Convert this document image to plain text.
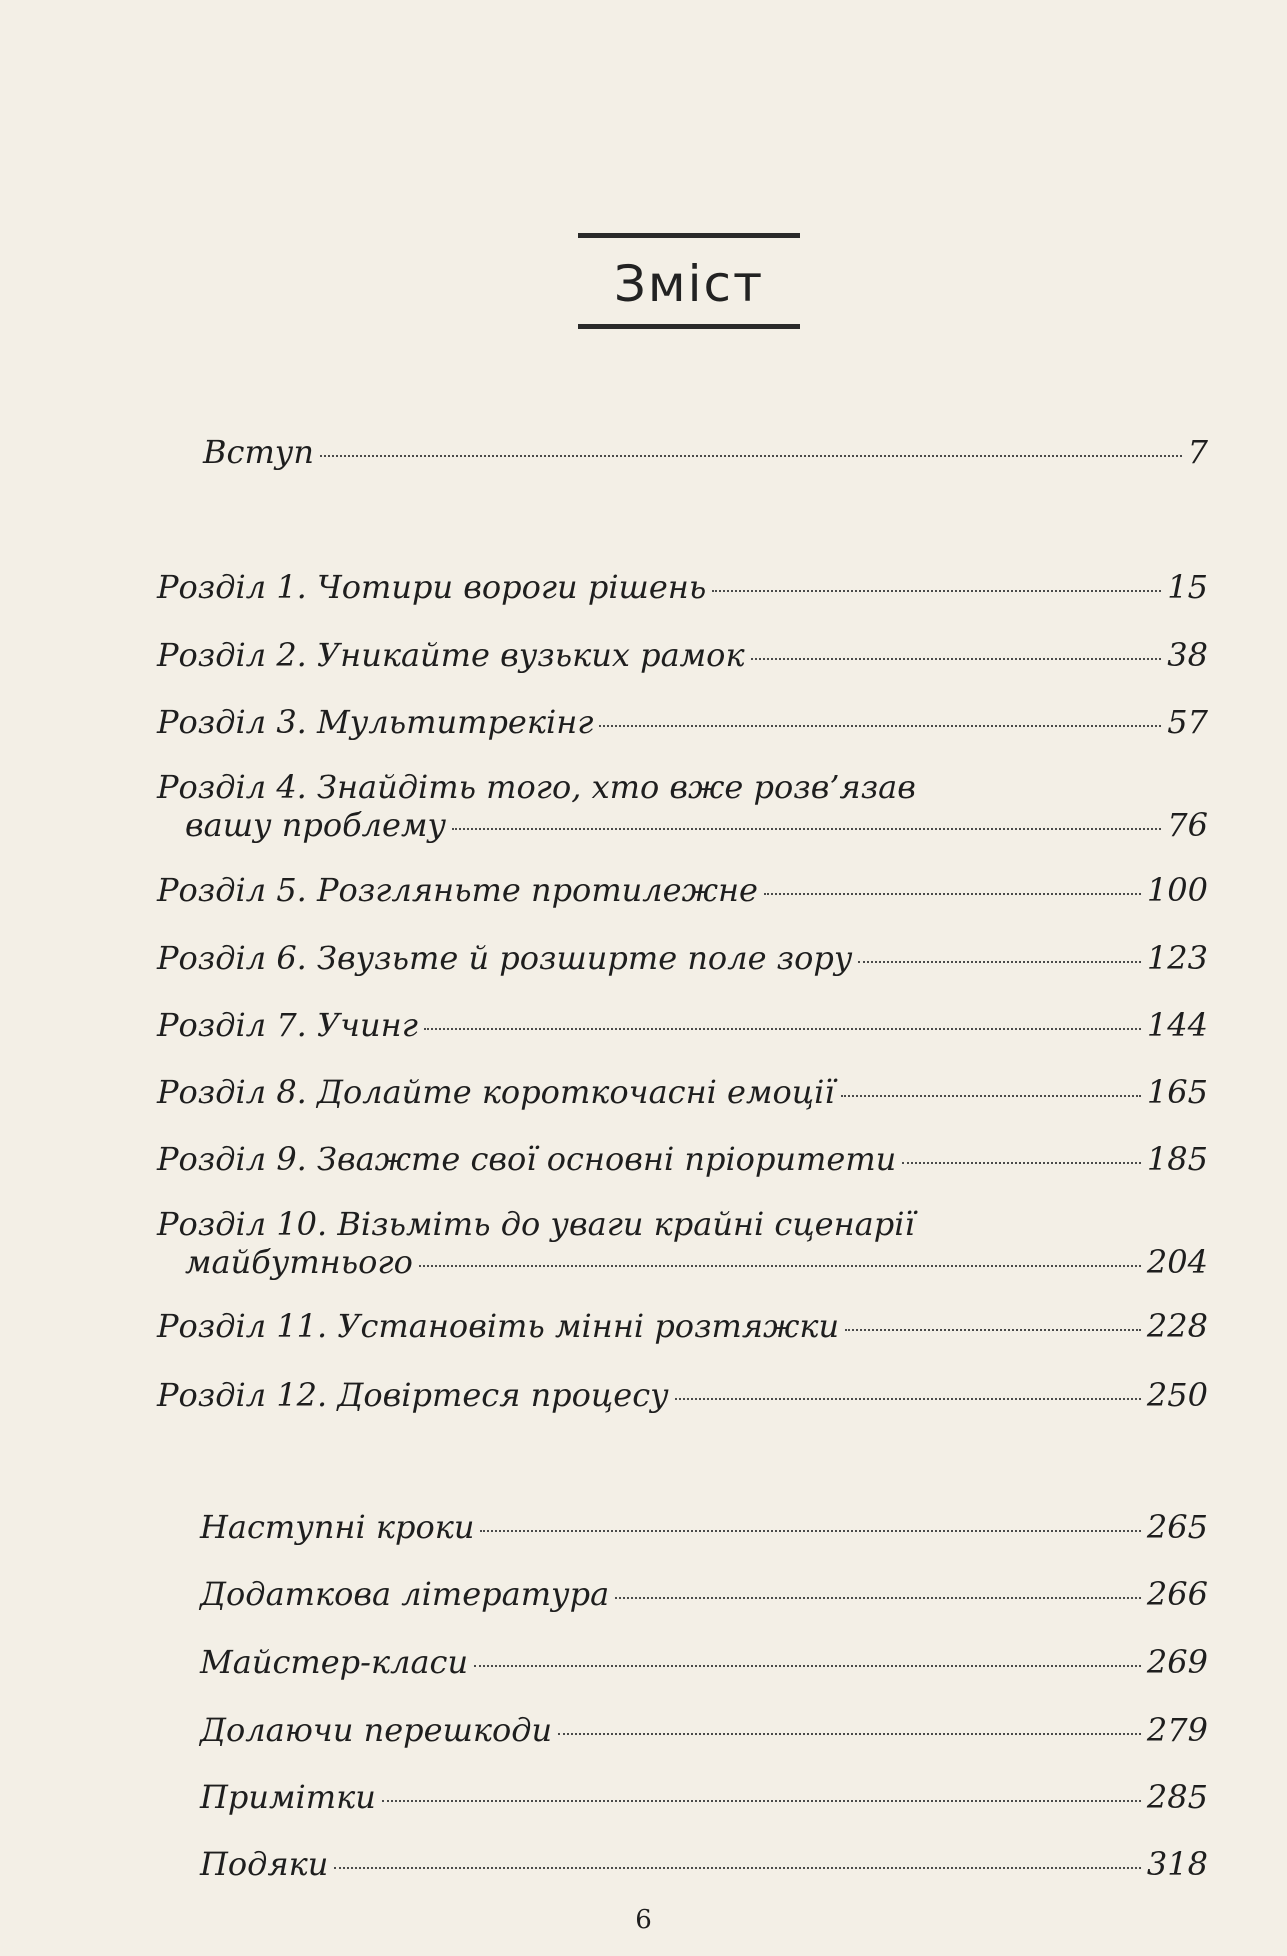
Зміст
Вступ	7
Розділ 1. Чотири вороги рішень	15
Розділ 2. Уникайте вузьких рамок	38
Розділ 3. Мультитрекінг	57
Розділ 4. Знайдіть того, хто вже розв’язав
вашу проблему	76
Розділ 5. Розгляньте протилежне	100
Розділ 6. Звузьте й розширте поле зору	123
Розділ 7. Учинг	144
Розділ 8. Долайте короткочасні емоції	165
Розділ 9. Зважте свої основні пріоритети	185
Розділ 10. Візьміть до уваги крайні сценарії
майбутнього	204
Розділ 11. Установіть мінні розтяжки	228
Розділ 12. Довіртеся процесу	250
Наступні кроки	265
Додаткова література	266
Майстер-класи	269
Долаючи перешкоди	279
Примітки	285
Подяки	318
6
